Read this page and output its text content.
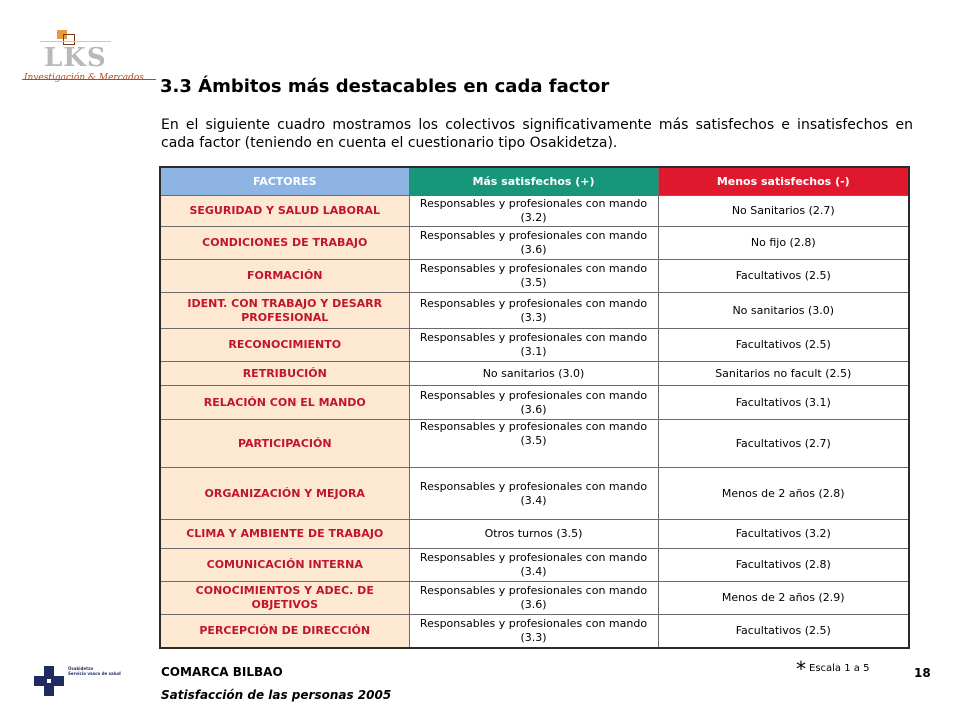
LKS
Investigación & Mercados 3.3 Ámbitos más destacables en cada factor
En el siguiente cuadro mostramos los colectivos significativamente más satisfechos e insatisfechos en cada factor (teniendo en cuenta el cuestionario tipo Osakidetza).
FACTORES	Más satisfechos (+)	Menos satisfechos (-)
SEGURIDAD Y SALUD LABORAL	Responsables y profesionales con mando (3.2)	No Sanitarios (2.7)
CONDICIONES DE TRABAJO	Responsables y profesionales con mando (3.6)	No fijo (2.8)
FORMACIÓN	Responsables y profesionales con mando (3.5)	Facultativos (2.5)
IDENT. CON TRABAJO Y DESARR PROFESIONAL	Responsables y profesionales con mando (3.3)	No sanitarios (3.0)
RECONOCIMIENTO	Responsables y profesionales con mando (3.1)	Facultativos (2.5)
RETRIBUCIÓN	No sanitarios (3.0)	Sanitarios no facult (2.5)
RELACIÓN CON EL MANDO	Responsables y profesionales con mando (3.6)	Facultativos (3.1)
PARTICIPACIÓN	Responsables y profesionales con mando (3.5)	Facultativos (2.7)
ORGANIZACIÓN Y MEJORA	Responsables y profesionales con mando (3.4)	Menos de 2 años (2.8)
CLIMA Y AMBIENTE DE TRABAJO	Otros turnos (3.5)	Facultativos (3.2)
COMUNICACIÓN INTERNA	Responsables y profesionales con mando (3.4)	Facultativos (2.8)
CONOCIMIENTOS Y ADEC. DE OBJETIVOS	Responsables y profesionales con mando (3.6)	Menos de 2 años (2.9)
PERCEPCIÓN DE DIRECCIÓN	Responsables y profesionales con mando (3.3)	Facultativos (2.5)
Osakidetza
Servicio vasco de salud	COMARCA BILBAO
Satisfacción de las personas 2005
* Escala 1 a 5	18
